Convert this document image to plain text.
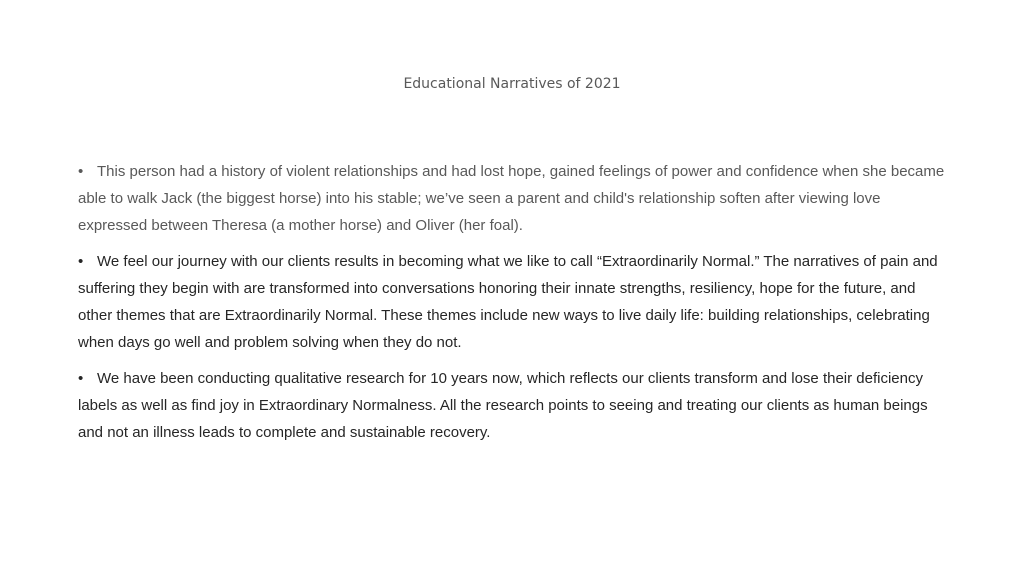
Educational Narratives of 2021
• This person had a history of violent relationships and had lost hope, gained feelings of power and confidence when she became able to walk Jack (the biggest horse) into his stable; we’ve seen a parent and child's relationship soften after viewing love expressed between Theresa (a mother horse) and Oliver (her foal).
• We feel our journey with our clients results in becoming what we like to call “Extraordinarily Normal.” The narratives of pain and suffering they begin with are transformed into conversations honoring their innate strengths, resiliency, hope for the future, and other themes that are Extraordinarily Normal. These themes include new ways to live daily life: building relationships, celebrating when days go well and problem solving when they do not.
• We have been conducting qualitative research for 10 years now, which reflects our clients transform and lose their deficiency labels as well as find joy in Extraordinary Normalness. All the research points to seeing and treating our clients as human beings and not an illness leads to complete and sustainable recovery.
